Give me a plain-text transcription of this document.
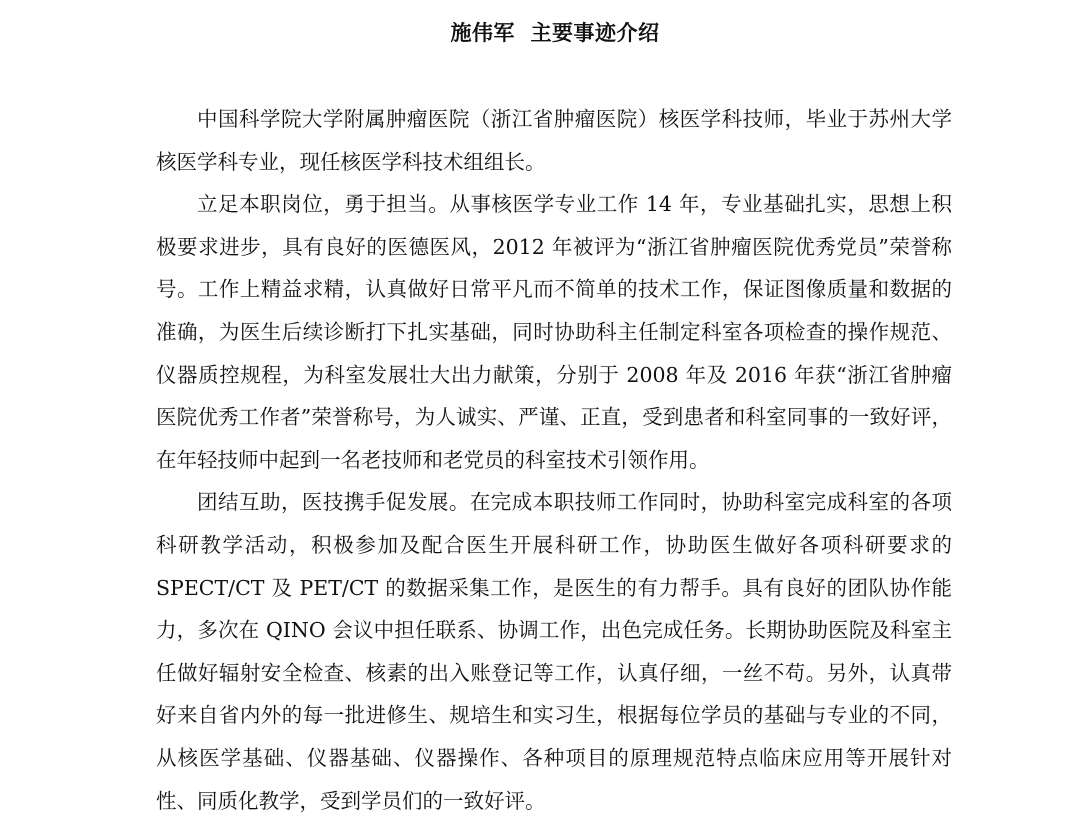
施伟军  主要事迹介绍

中国科学院大学附属肿瘤医院（浙江省肿瘤医院）核医学科技师，毕业于苏州大学核医学科专业，现任核医学科技术组组长。

立足本职岗位，勇于担当。从事核医学专业工作 14 年，专业基础扎实，思想上积极要求进步，具有良好的医德医风，2012 年被评为“浙江省肿瘤医院优秀党员”荣誉称号。工作上精益求精，认真做好日常平凡而不简单的技术工作，保证图像质量和数据的准确，为医生后续诊断打下扎实基础，同时协助科主任制定科室各项检查的操作规范、仪器质控规程，为科室发展壮大出力献策，分别于 2008 年及 2016 年获“浙江省肿瘤医院优秀工作者”荣誉称号，为人诚实、严谨、正直，受到患者和科室同事的一致好评，在年轻技师中起到一名老技师和老党员的科室技术引领作用。

团结互助，医技携手促发展。在完成本职技师工作同时，协助科室完成科室的各项科研教学活动，积极参加及配合医生开展科研工作，协助医生做好各项科研要求的 SPECT/CT 及 PET/CT 的数据采集工作，是医生的有力帮手。具有良好的团队协作能力，多次在 QINO 会议中担任联系、协调工作，出色完成任务。长期协助医院及科室主任做好辐射安全检查、核素的出入账登记等工作，认真仔细，一丝不苟。另外，认真带好来自省内外的每一批进修生、规培生和实习生，根据每位学员的基础与专业的不同，从核医学基础、仪器基础、仪器操作、各种项目的原理规范特点临床应用等开展针对性、同质化教学，受到学员们的一致好评。
